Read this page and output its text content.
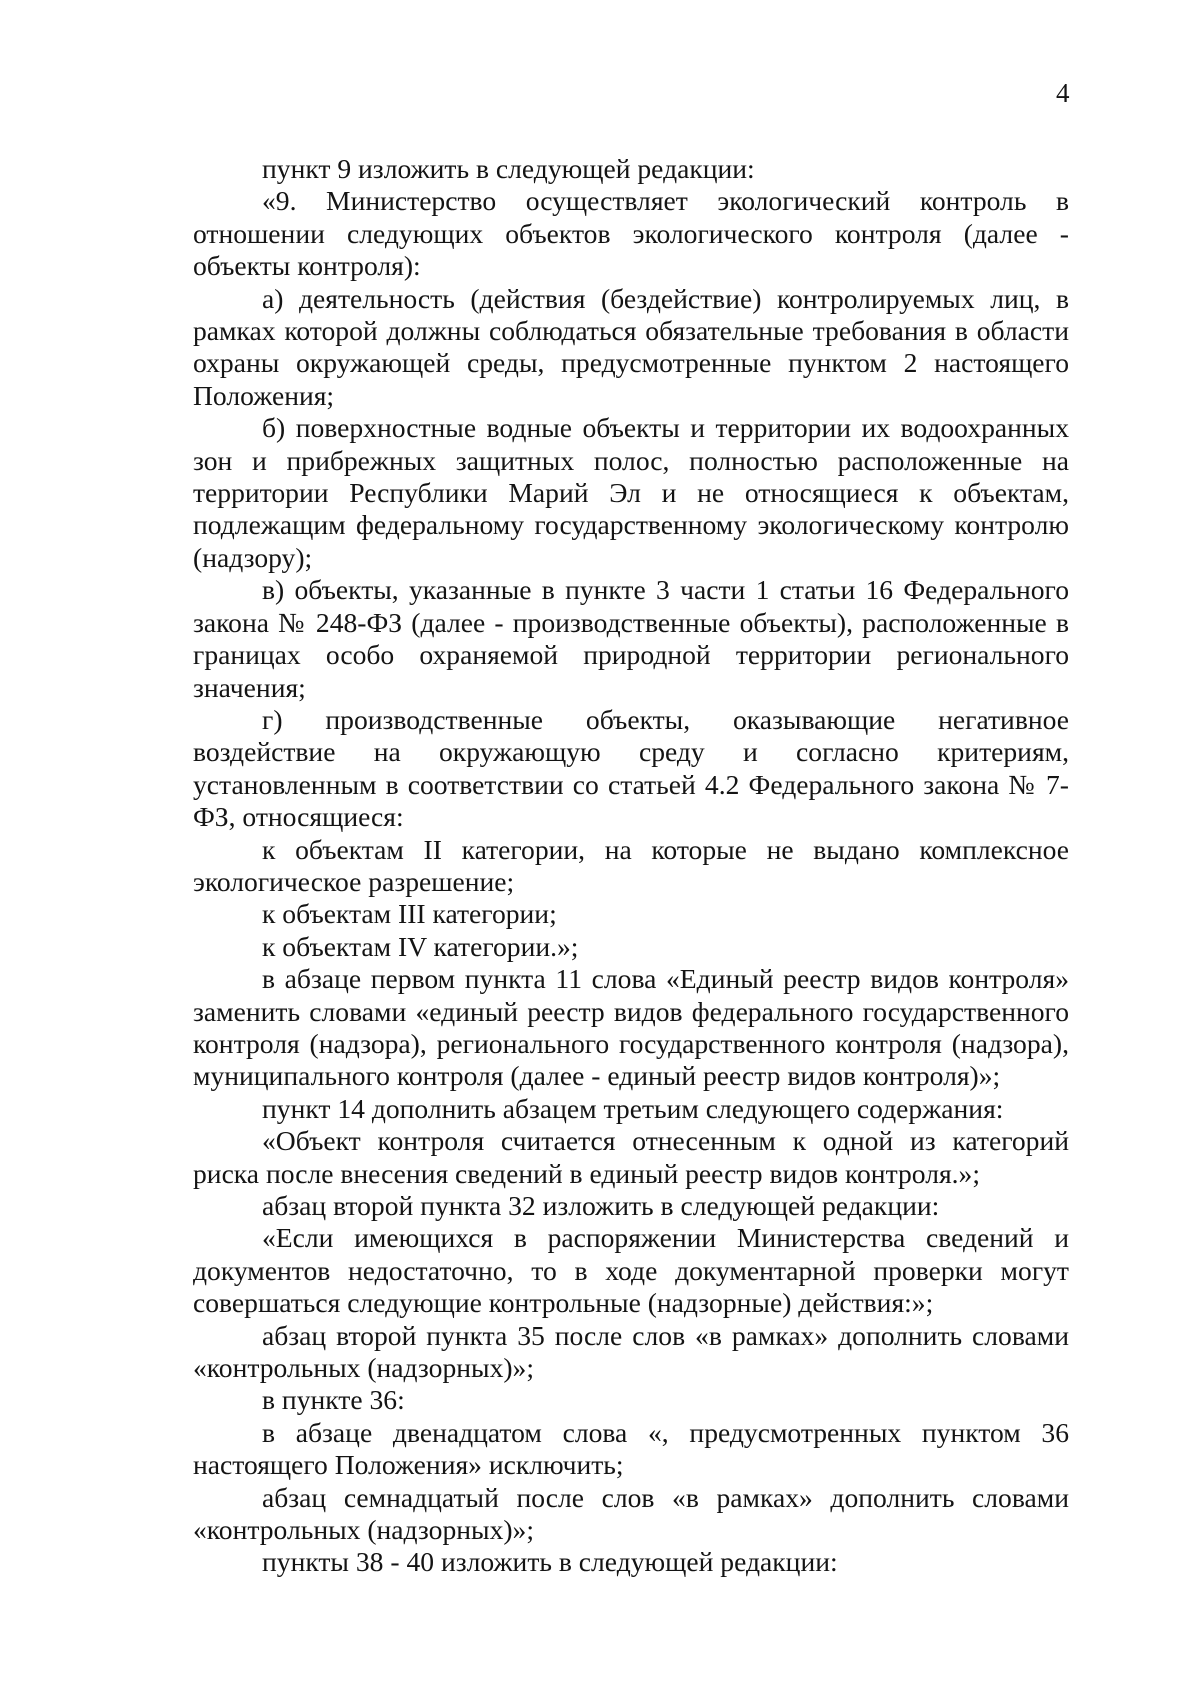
4

пункт 9 изложить в следующей редакции:

«9. Министерство осуществляет экологический контроль в отношении следующих объектов экологического контроля (далее - объекты контроля):

а) деятельность (действия (бездействие) контролируемых лиц, в рамках которой должны соблюдаться обязательные требования в области охраны окружающей среды, предусмотренные пунктом 2 настоящего Положения;

б) поверхностные водные объекты и территории их водоохранных зон и прибрежных защитных полос, полностью расположенные на территории Республики Марий Эл и не относящиеся к объектам, подлежащим федеральному государственному экологическому контролю (надзору);

в) объекты, указанные в пункте 3 части 1 статьи 16 Федерального закона № 248-ФЗ (далее - производственные объекты), расположенные в границах особо охраняемой природной территории регионального значения;

г) производственные объекты, оказывающие негативное воздействие на окружающую среду и согласно критериям, установленным в соответствии со статьей 4.2 Федерального закона № 7-ФЗ, относящиеся:

к объектам II категории, на которые не выдано комплексное экологическое разрешение;

к объектам III категории;

к объектам IV категории.»;

в абзаце первом пункта 11 слова «Единый реестр видов контроля» заменить словами «единый реестр видов федерального государственного контроля (надзора), регионального государственного контроля (надзора), муниципального контроля (далее - единый реестр видов контроля)»;

пункт 14 дополнить абзацем третьим следующего содержания:

«Объект контроля считается отнесенным к одной из категорий риска после внесения сведений в единый реестр видов контроля.»;

абзац второй пункта 32 изложить в следующей редакции:

«Если имеющихся в распоряжении Министерства сведений и документов недостаточно, то в ходе документарной проверки могут совершаться следующие контрольные (надзорные) действия:»;

абзац второй пункта 35 после слов «в рамках» дополнить словами «контрольных (надзорных)»;

в пункте 36:

в абзаце двенадцатом слова «, предусмотренных пунктом 36 настоящего Положения» исключить;

абзац семнадцатый после слов «в рамках» дополнить словами «контрольных (надзорных)»;

пункты 38 - 40 изложить в следующей редакции:
